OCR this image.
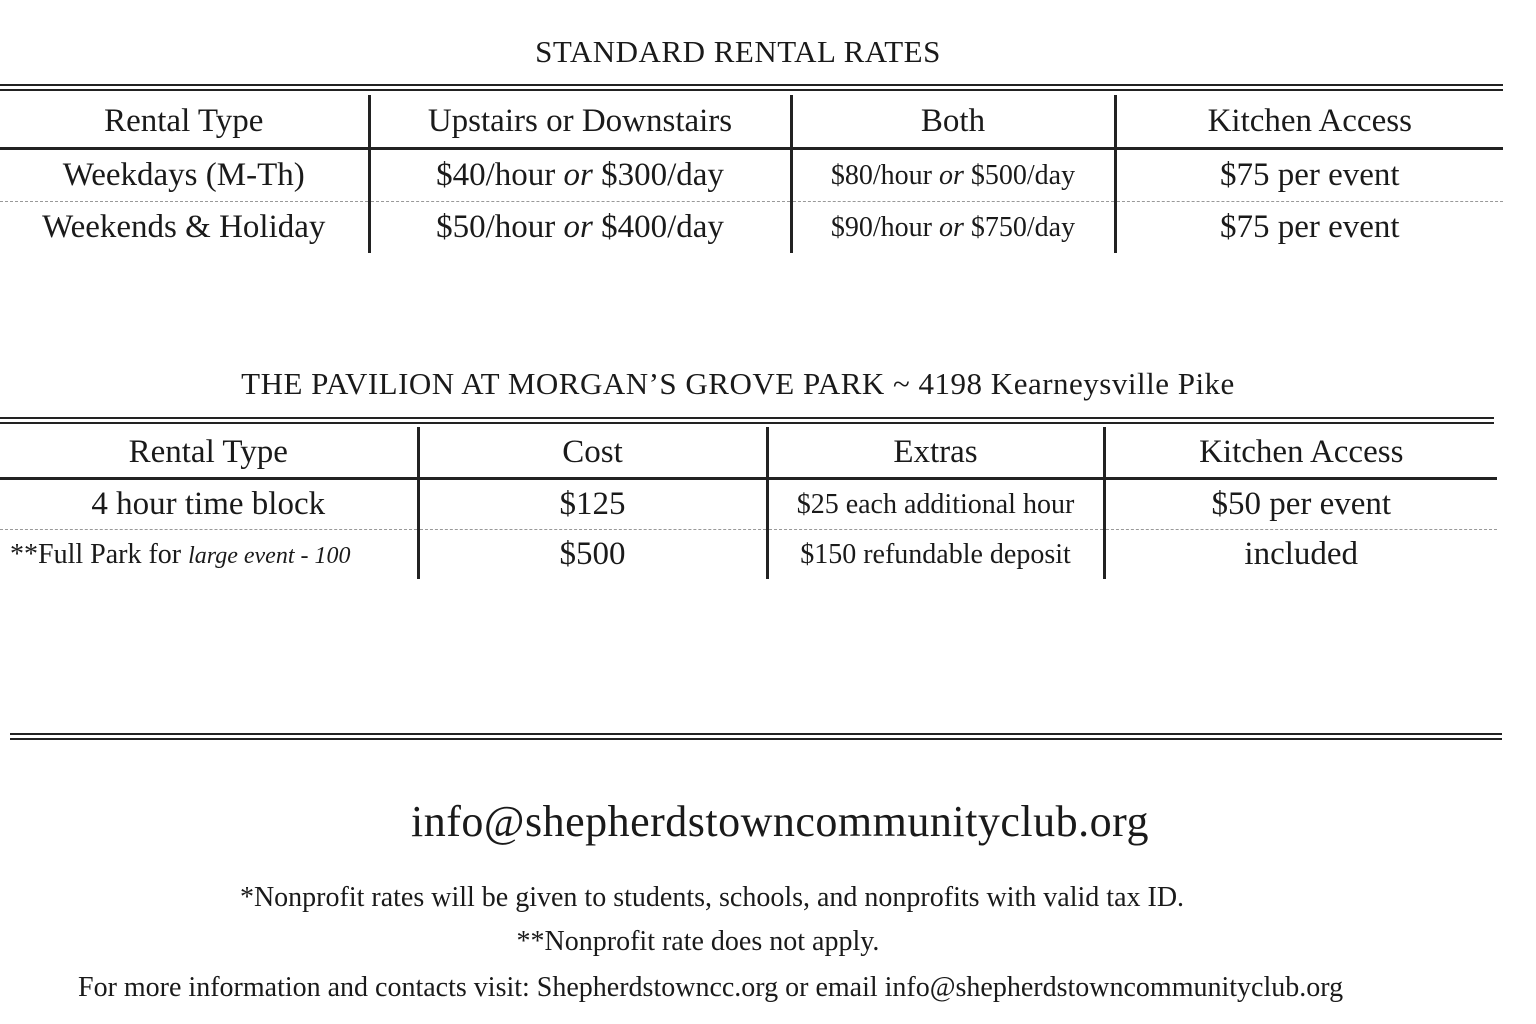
STANDARD RENTAL RATES
Rental Type	Upstairs or Downstairs	Both	Kitchen Access
Weekdays (M-Th)	$40/hour or $300/day	$80/hour or $500/day	$75 per event
Weekends & Holiday	$50/hour or $400/day	$90/hour or $750/day	$75 per event
THE PAVILION AT MORGAN’S GROVE PARK ~ 4198 Kearneysville Pike
Rental Type	Cost	Extras	Kitchen Access
4 hour time block	$125	$25 each additional hour	$50 per event
**Full Park for large event - 100	$500	$150 refundable deposit	included
info@shepherdstowncommunityclub.org
*Nonprofit rates will be given to students, schools, and nonprofits with valid tax ID.
**Nonprofit rate does not apply.
For more information and contacts visit: Shepherdstowncc.org or email info@shepherdstowncommunityclub.org
